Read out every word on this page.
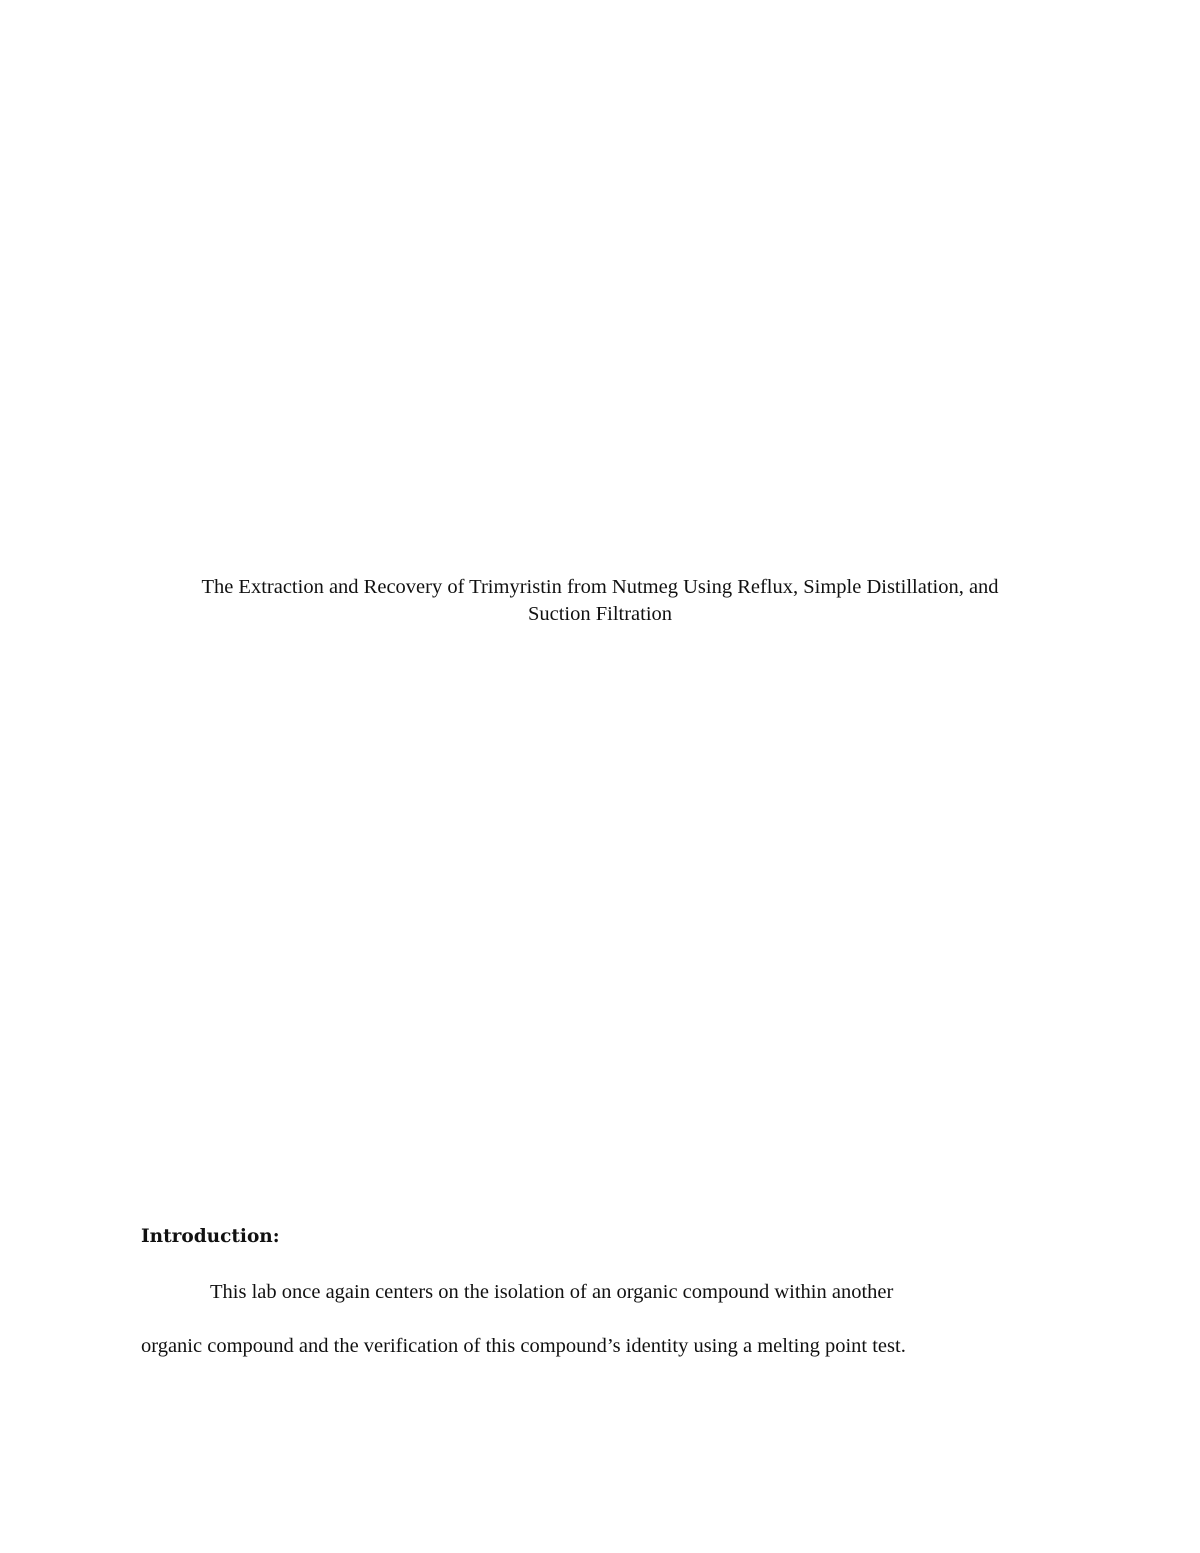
The Extraction and Recovery of Trimyristin from Nutmeg Using Reflux, Simple Distillation, and
Suction Filtration
Introduction:
This lab once again centers on the isolation of an organic compound within another
organic compound and the verification of this compound’s identity using a melting point test.
